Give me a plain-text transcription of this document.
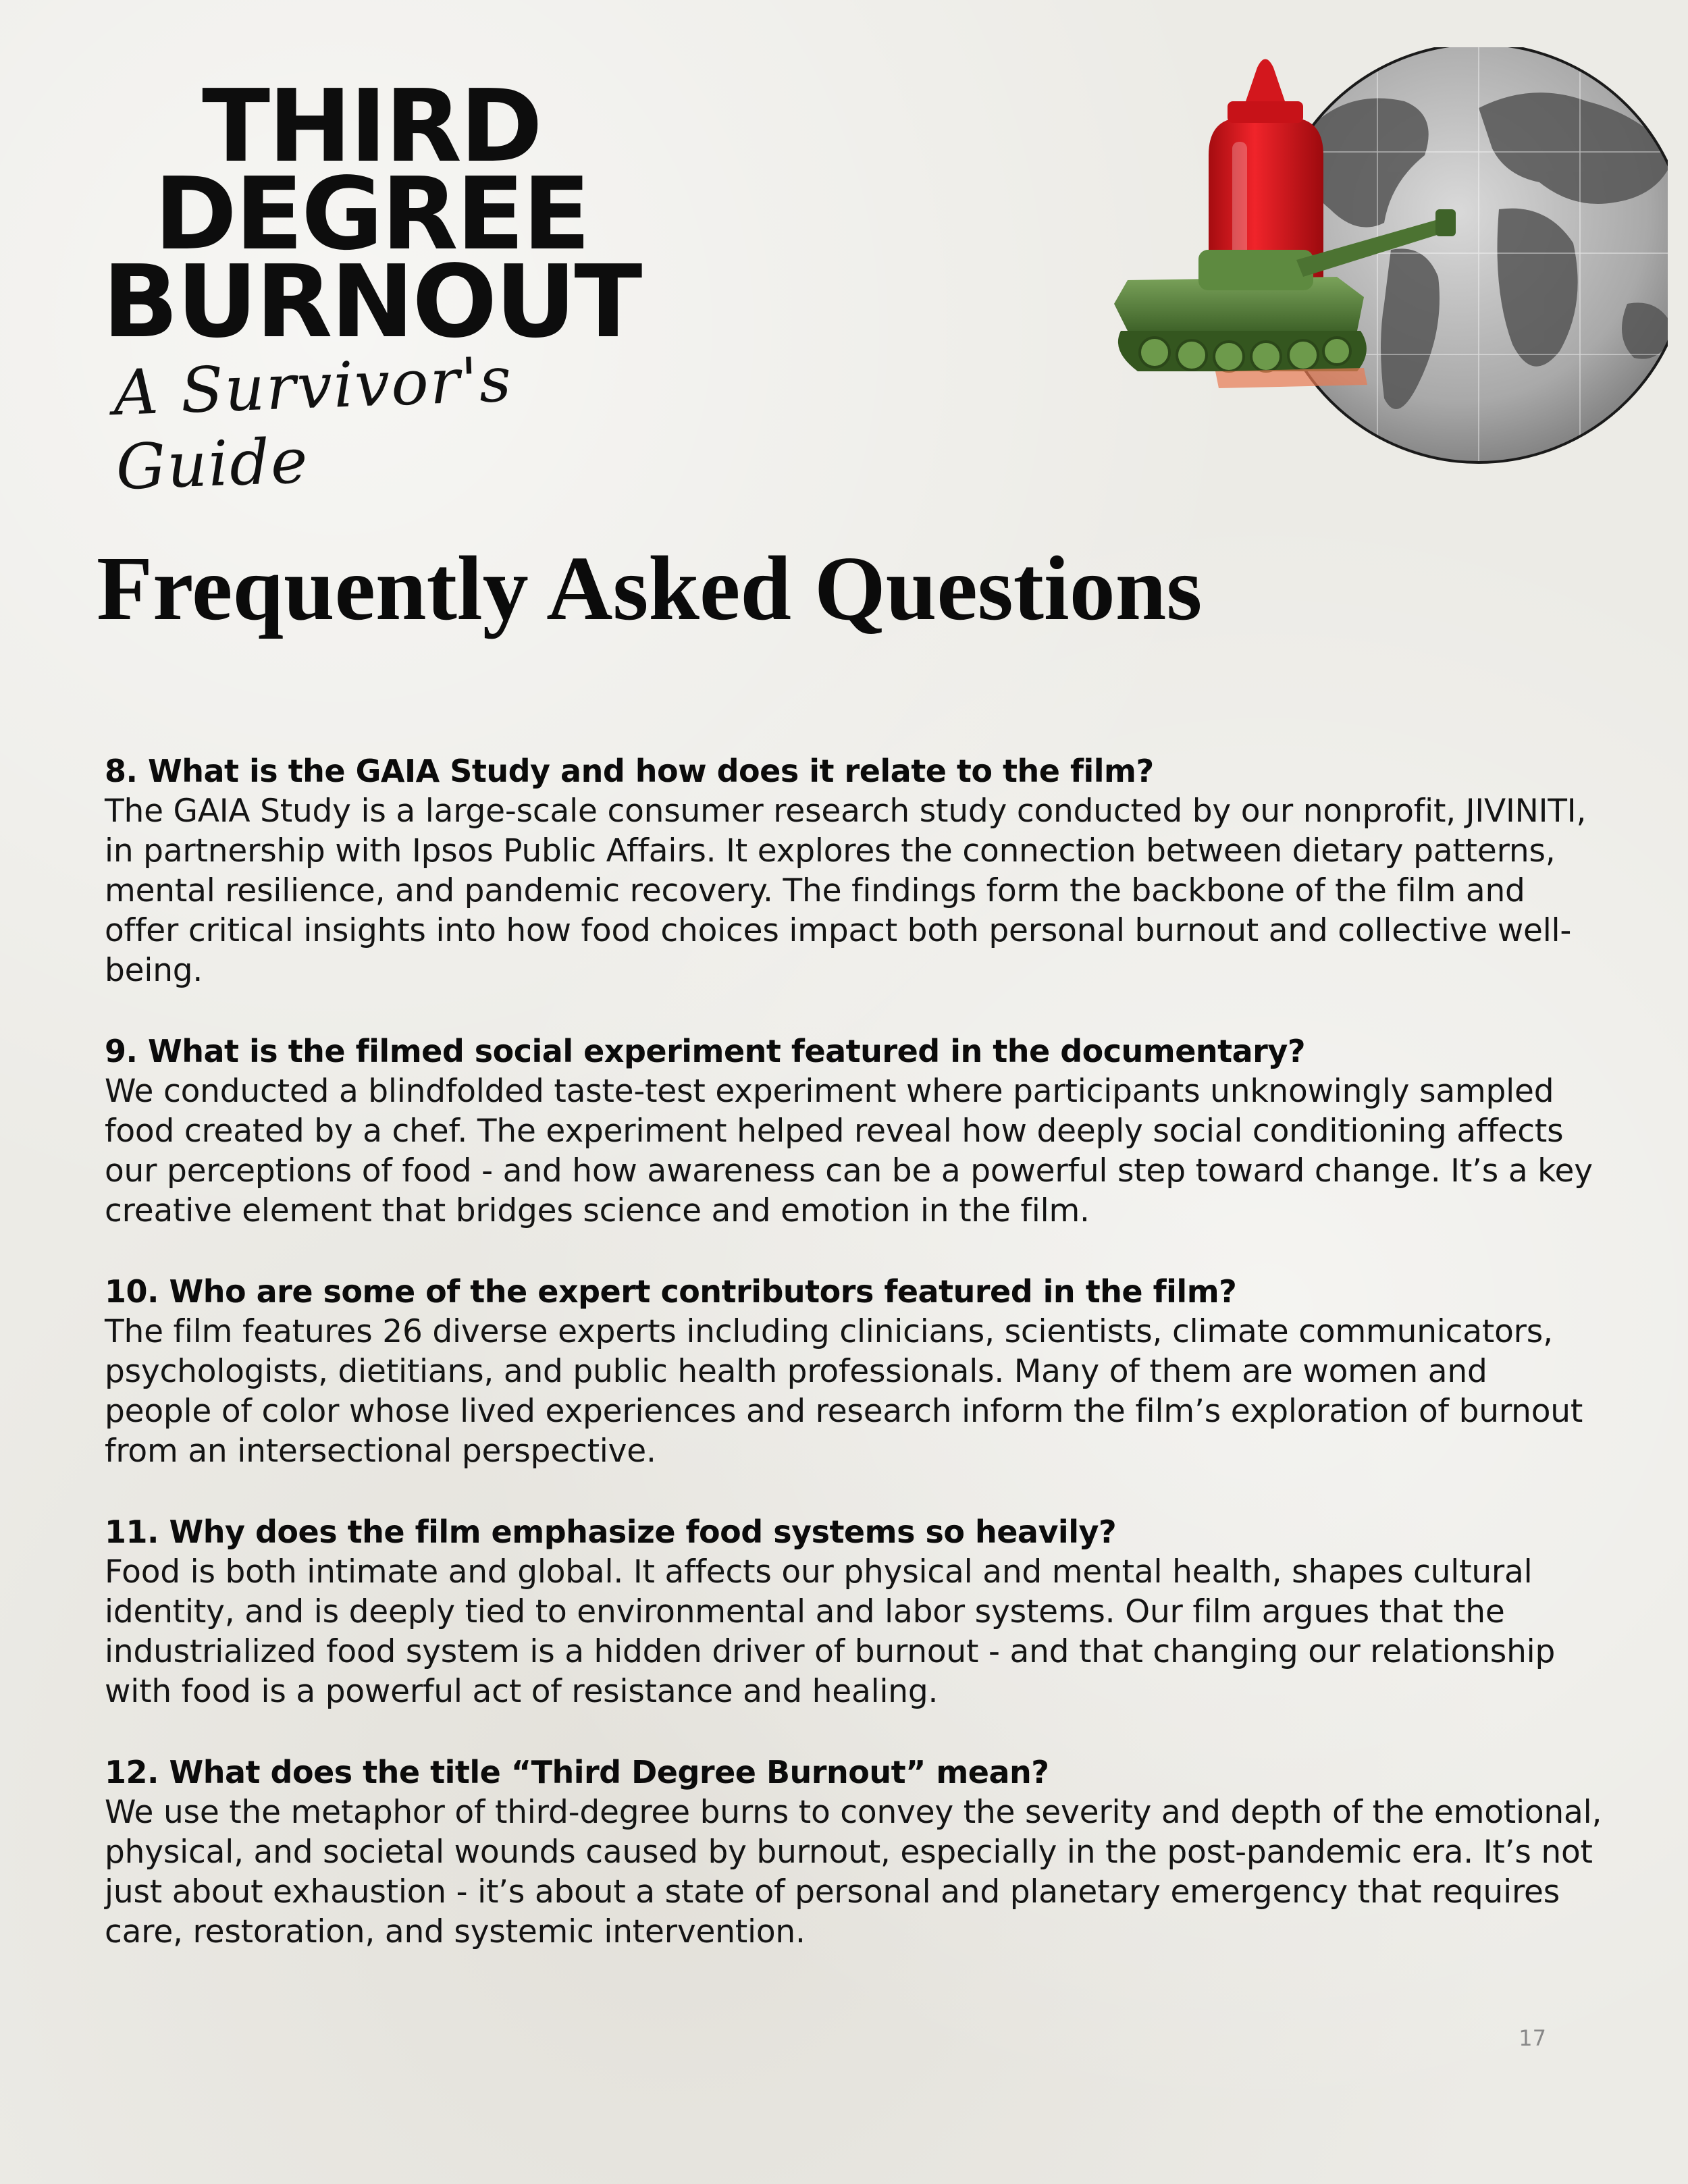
THIRD
DEGREE
BURNOUT
A Survivor's Guide
Frequently Asked Questions

8. What is the GAIA Study and how does it relate to the film?

The GAIA Study is a large-scale consumer research study conducted by our nonprofit, JIVINITI, in partnership with Ipsos Public Affairs. It explores the connection between dietary patterns, mental resilience, and pandemic recovery. The findings form the backbone of the film and offer critical insights into how food choices impact both personal burnout and collective well-being.

9. What is the filmed social experiment featured in the documentary?

We conducted a blindfolded taste-test experiment where participants unknowingly sampled food created by a chef. The experiment helped reveal how deeply social conditioning affects our perceptions of food - and how awareness can be a powerful step toward change. It’s a key creative element that bridges science and emotion in the film.

10. Who are some of the expert contributors featured in the film?

The film features 26 diverse experts including clinicians, scientists, climate communicators, psychologists, dietitians, and public health professionals. Many of them are women and people of color whose lived experiences and research inform the film’s exploration of burnout from an intersectional perspective.

11. Why does the film emphasize food systems so heavily?

Food is both intimate and global. It affects our physical and mental health, shapes cultural identity, and is deeply tied to environmental and labor systems. Our film argues that the industrialized food system is a hidden driver of burnout - and that changing our relationship with food is a powerful act of resistance and healing.

12. What does the title “Third Degree Burnout” mean?

We use the metaphor of third-degree burns to convey the severity and depth of the emotional, physical, and societal wounds caused by burnout, especially in the post-pandemic era. It’s not just about exhaustion - it’s about a state of personal and planetary emergency that requires care, restoration, and systemic intervention.

17
